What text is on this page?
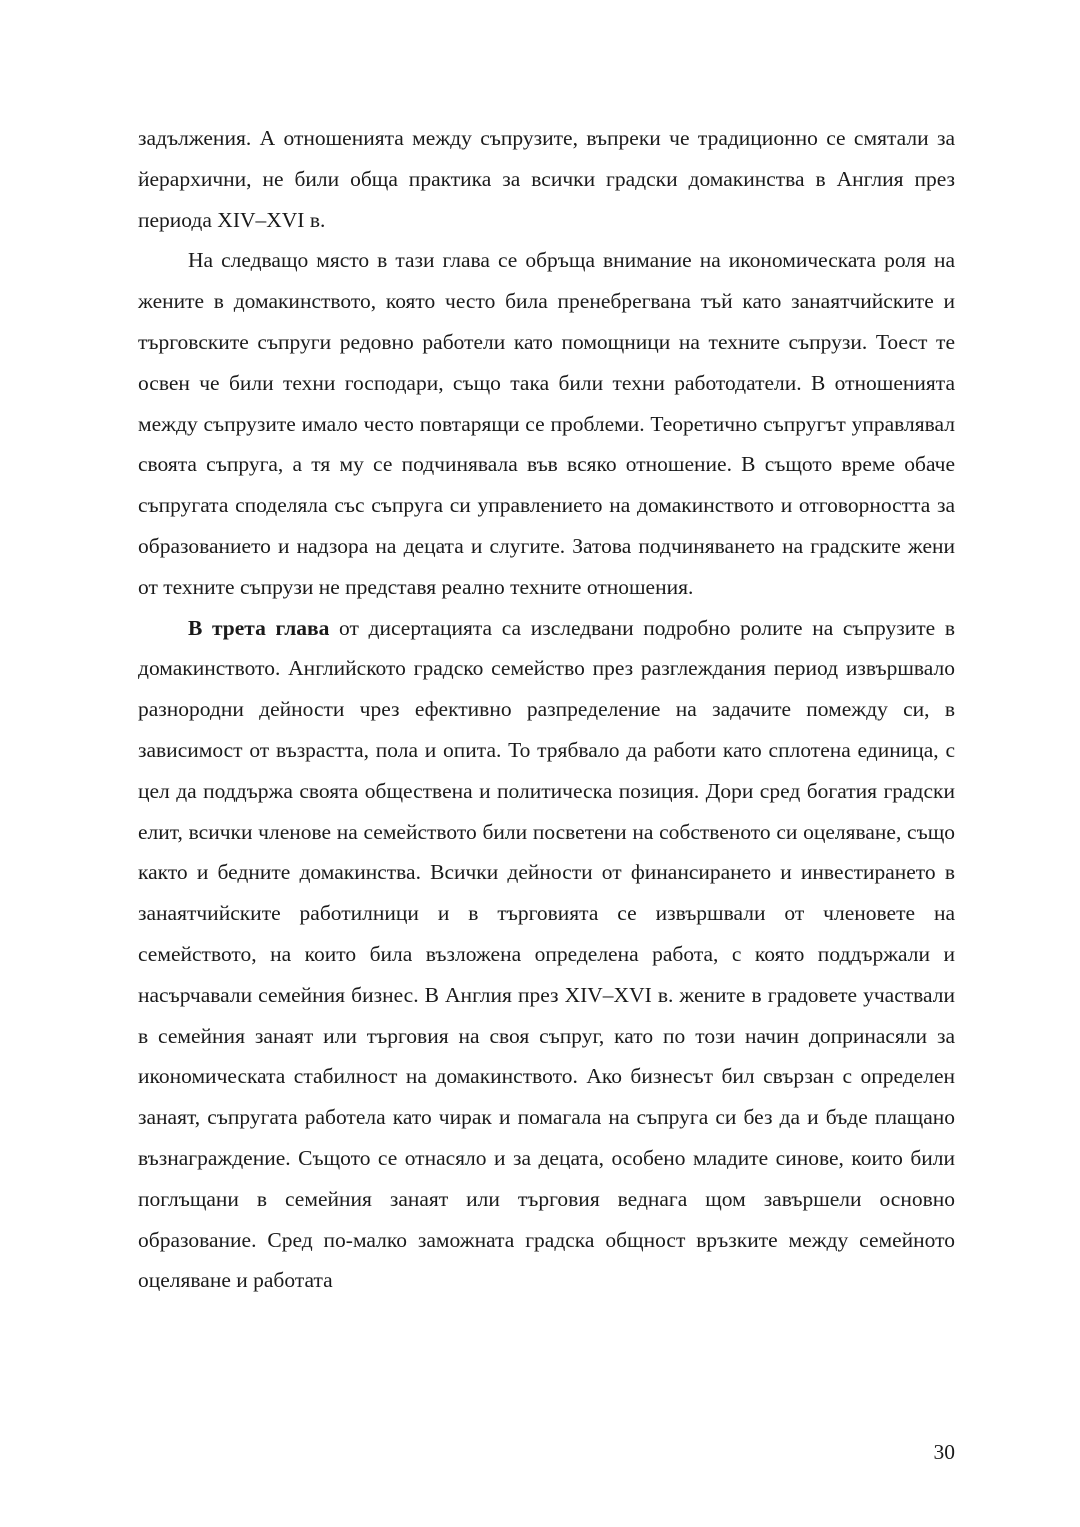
задължения. А отношенията между съпрузите, въпреки че традиционно се смятали за йерархични, не били обща практика за всички градски домакинства в Англия през периода XIV–XVI в.

На следващо място в тази глава се обръща внимание на икономическата роля на жените в домакинството, която често била пренебрегвана тъй като занаятчийските и търговските съпруги редовно работели като помощници на техните съпрузи. Тоест те освен че били техни господари, също така били техни работодатели. В отношенията между съпрузите имало често повтарящи се проблеми. Теоретично съпругът управлявал своята съпруга, а тя му се подчинявала във всяко отношение. В същото време обаче съпругата споделяла със съпруга си управлението на домакинството и отговорността за образованието и надзора на децата и слугите. Затова подчиняването на градските жени от техните съпрузи не представя реално техните отношения.

В трета глава от дисертацията са изследвани подробно ролите на съпрузите в домакинството. Английското градско семейство през разглеждания период извършвало разнородни дейности чрез ефективно разпределение на задачите помежду си, в зависимост от възрастта, пола и опита. То трябвало да работи като сплотена единица, с цел да поддържа своята обществена и политическа позиция. Дори сред богатия градски елит, всички членове на семейството били посветени на собственото си оцеляване, също както и бедните домакинства. Всички дейности от финансирането и инвестирането в занаятчийските работилници и в търговията се извършвали от членовете на семейството, на които била възложена определена работа, с която поддържали и насърчавали семейния бизнес. В Англия през XIV–XVI в. жените в градовете участвали в семейния занаят или търговия на своя съпруг, като по този начин допринасяли за икономическата стабилност на домакинството. Ако бизнесът бил свързан с определен занаят, съпругата работела като чирак и помагала на съпруга си без да и бъде плащано възнаграждение. Същото се отнасяло и за децата, особено младите синове, които били поглъщани в семейния занаят или търговия веднага щом завършели основно образование. Сред по-малко заможната градска общност връзките между семейното оцеляване и работата

30
